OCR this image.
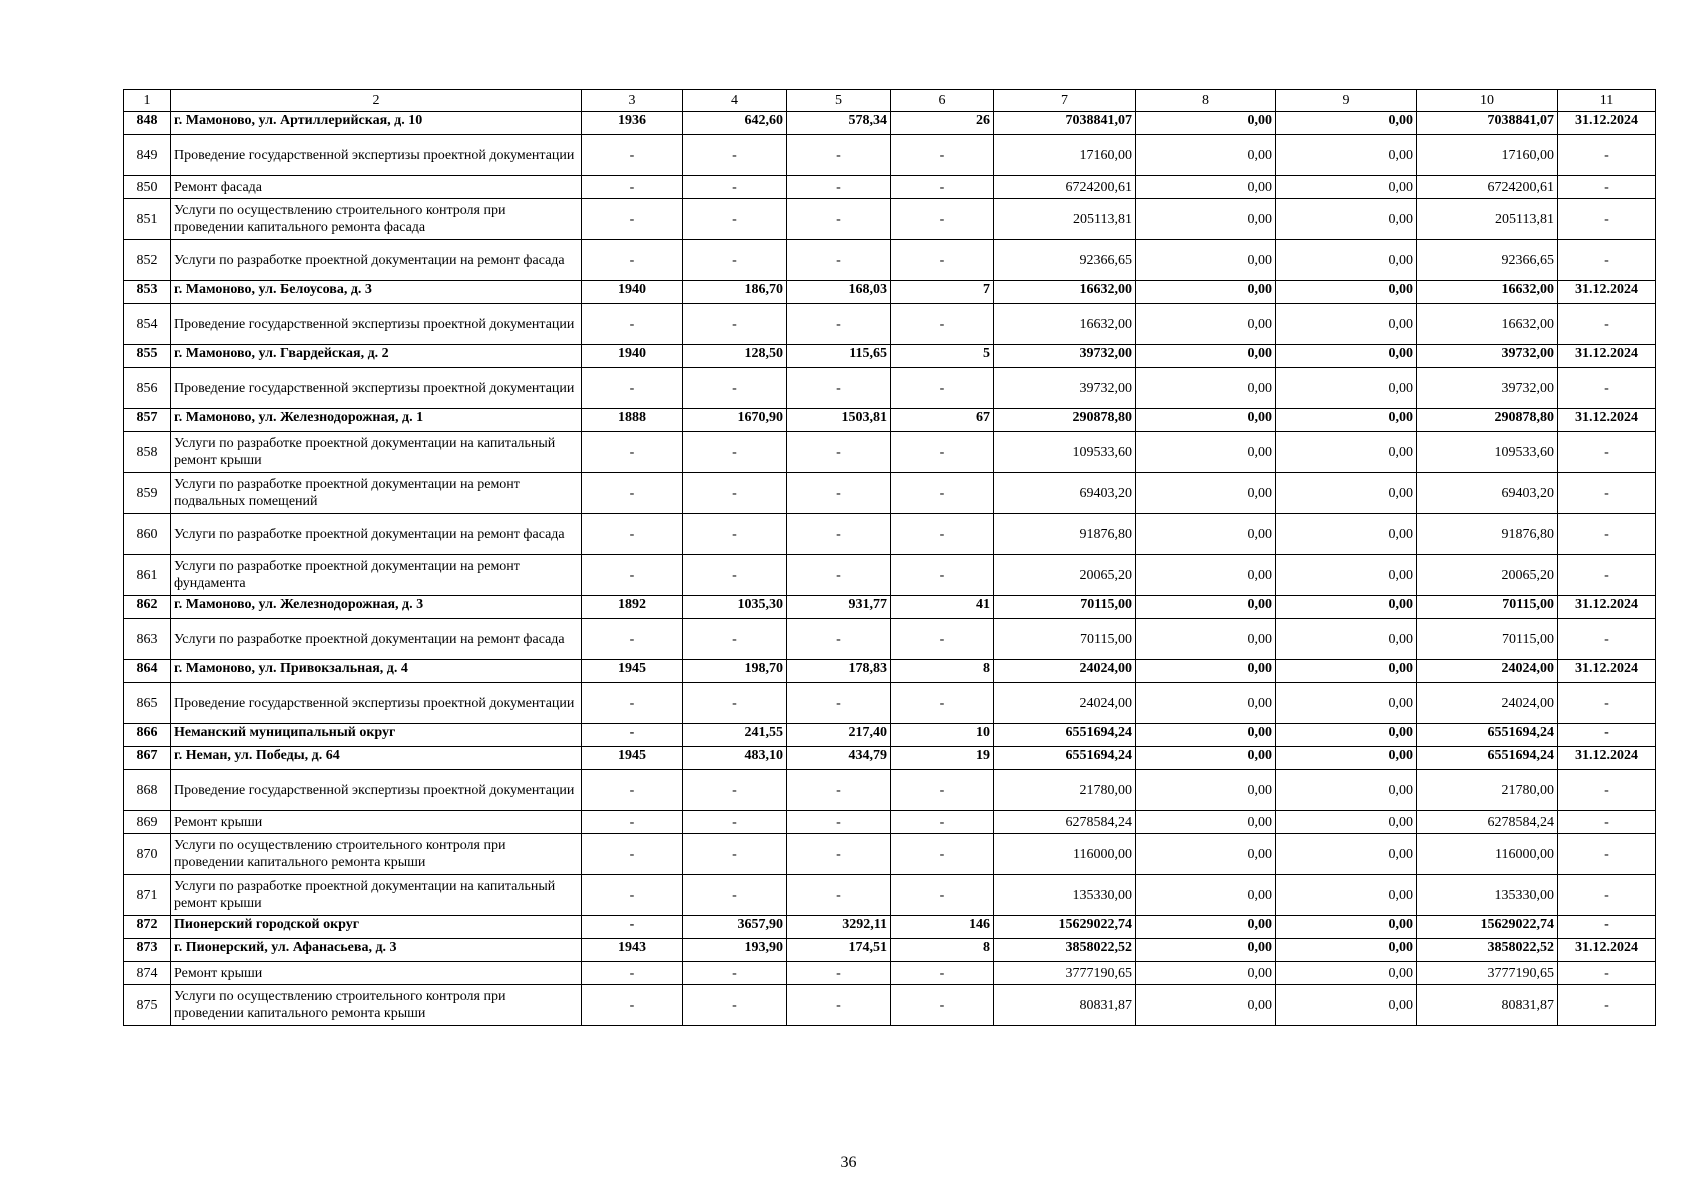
1	2	3	4	5	6	7	8	9	10	11
848	г. Мамоново, ул. Артиллерийская, д. 10	1936	642,60	578,34	26	7038841,07	0,00	0,00	7038841,07	31.12.2024
849	Проведение государственной экспертизы проектной документации	-	-	-	-	17160,00	0,00	0,00	17160,00	-
850	Ремонт фасада	-	-	-	-	6724200,61	0,00	0,00	6724200,61	-
851	Услуги по осуществлению строительного контроля при проведении капитального ремонта фасада	-	-	-	-	205113,81	0,00	0,00	205113,81	-
852	Услуги по разработке проектной документации на ремонт фасада	-	-	-	-	92366,65	0,00	0,00	92366,65	-
853	г. Мамоново, ул. Белоусова, д. 3	1940	186,70	168,03	7	16632,00	0,00	0,00	16632,00	31.12.2024
854	Проведение государственной экспертизы проектной документации	-	-	-	-	16632,00	0,00	0,00	16632,00	-
855	г. Мамоново, ул. Гвардейская, д. 2	1940	128,50	115,65	5	39732,00	0,00	0,00	39732,00	31.12.2024
856	Проведение государственной экспертизы проектной документации	-	-	-	-	39732,00	0,00	0,00	39732,00	-
857	г. Мамоново, ул. Железнодорожная, д. 1	1888	1670,90	1503,81	67	290878,80	0,00	0,00	290878,80	31.12.2024
858	Услуги по разработке проектной документации на капитальный ремонт крыши	-	-	-	-	109533,60	0,00	0,00	109533,60	-
859	Услуги по разработке проектной документации на ремонт подвальных помещений	-	-	-	-	69403,20	0,00	0,00	69403,20	-
860	Услуги по разработке проектной документации на ремонт фасада	-	-	-	-	91876,80	0,00	0,00	91876,80	-
861	Услуги по разработке проектной документации на ремонт фундамента	-	-	-	-	20065,20	0,00	0,00	20065,20	-
862	г. Мамоново, ул. Железнодорожная, д. 3	1892	1035,30	931,77	41	70115,00	0,00	0,00	70115,00	31.12.2024
863	Услуги по разработке проектной документации на ремонт фасада	-	-	-	-	70115,00	0,00	0,00	70115,00	-
864	г. Мамоново, ул. Привокзальная, д. 4	1945	198,70	178,83	8	24024,00	0,00	0,00	24024,00	31.12.2024
865	Проведение государственной экспертизы проектной документации	-	-	-	-	24024,00	0,00	0,00	24024,00	-
866	Неманский муниципальный округ	-	241,55	217,40	10	6551694,24	0,00	0,00	6551694,24	-
867	г. Неман, ул. Победы, д. 64	1945	483,10	434,79	19	6551694,24	0,00	0,00	6551694,24	31.12.2024
868	Проведение государственной экспертизы проектной документации	-	-	-	-	21780,00	0,00	0,00	21780,00	-
869	Ремонт крыши	-	-	-	-	6278584,24	0,00	0,00	6278584,24	-
870	Услуги по осуществлению строительного контроля при проведении капитального ремонта крыши	-	-	-	-	116000,00	0,00	0,00	116000,00	-
871	Услуги по разработке проектной документации на капитальный ремонт крыши	-	-	-	-	135330,00	0,00	0,00	135330,00	-
872	Пионерский городской округ	-	3657,90	3292,11	146	15629022,74	0,00	0,00	15629022,74	-
873	г. Пионерский, ул. Афанасьева, д. 3	1943	193,90	174,51	8	3858022,52	0,00	0,00	3858022,52	31.12.2024
874	Ремонт крыши	-	-	-	-	3777190,65	0,00	0,00	3777190,65	-
875	Услуги по осуществлению строительного контроля при проведении капитального ремонта крыши	-	-	-	-	80831,87	0,00	0,00	80831,87	-
36
